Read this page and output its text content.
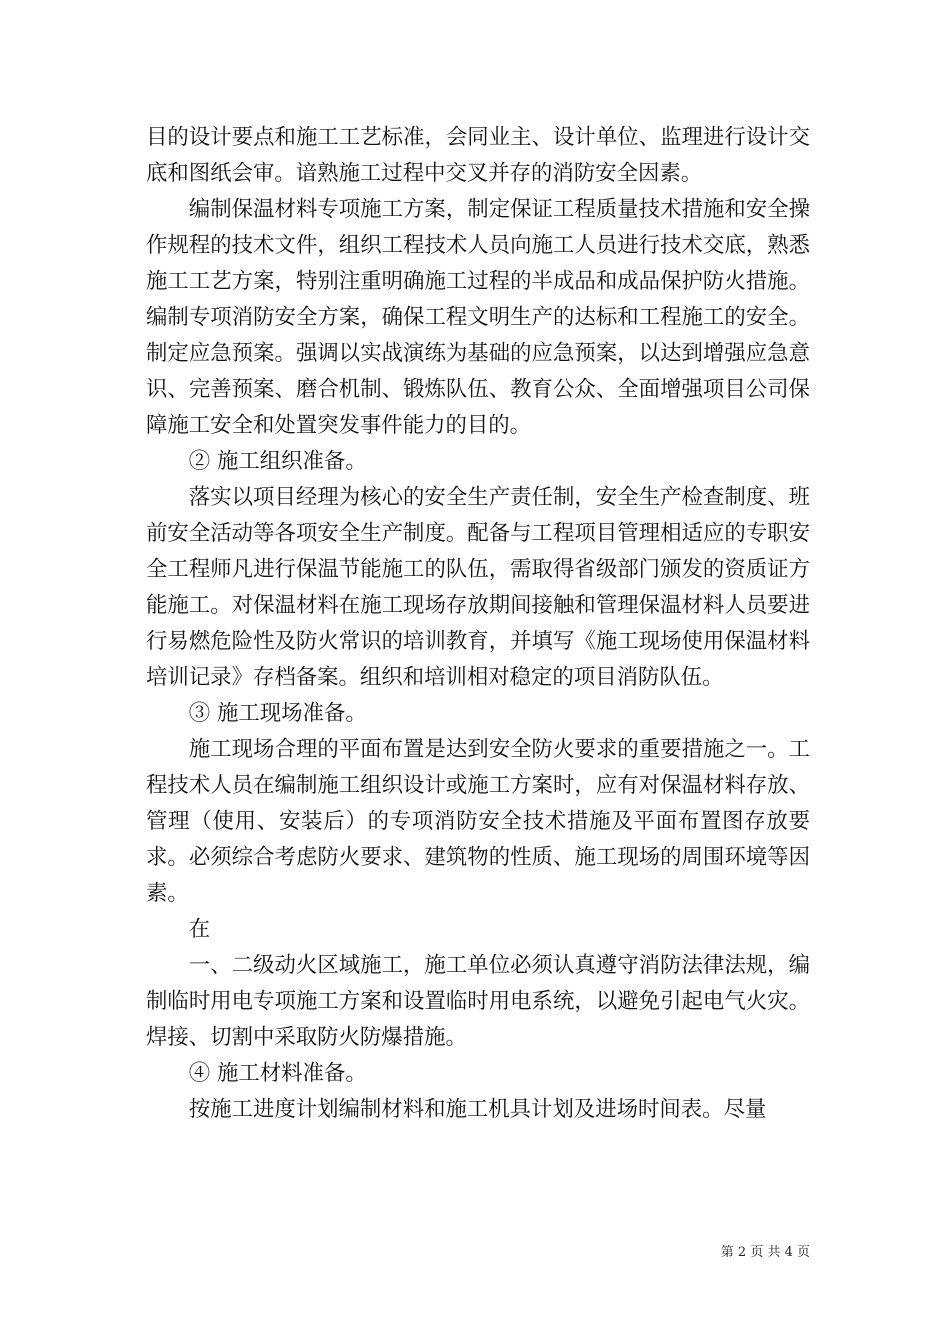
目的设计要点和施工工艺标准，会同业主、设计单位、监理进行设计交底和图纸会审。谙熟施工过程中交叉并存的消防安全因素。

编制保温材料专项施工方案，制定保证工程质量技术措施和安全操作规程的技术文件，组织工程技术人员向施工人员进行技术交底，熟悉施工工艺方案，特别注重明确施工过程的半成品和成品保护防火措施。编制专项消防安全方案，确保工程文明生产的达标和工程施工的安全。制定应急预案。强调以实战演练为基础的应急预案，以达到增强应急意识、完善预案、磨合机制、锻炼队伍、教育公众、全面增强项目公司保障施工安全和处置突发事件能力的目的。

② 施工组织准备。

落实以项目经理为核心的安全生产责任制，安全生产检查制度、班前安全活动等各项安全生产制度。配备与工程项目管理相适应的专职安全工程师凡进行保温节能施工的队伍，需取得省级部门颁发的资质证方能施工。对保温材料在施工现场存放期间接触和管理保温材料人员要进行易燃危险性及防火常识的培训教育，并填写《施工现场使用保温材料培训记录》存档备案。组织和培训相对稳定的项目消防队伍。

③ 施工现场准备。

施工现场合理的平面布置是达到安全防火要求的重要措施之一。工程技术人员在编制施工组织设计或施工方案时，应有对保温材料存放、管理（使用、安装后）的专项消防安全技术措施及平面布置图存放要求。必须综合考虑防火要求、建筑物的性质、施工现场的周围环境等因素。

在

一、二级动火区域施工，施工单位必须认真遵守消防法律法规，编制临时用电专项施工方案和设置临时用电系统，以避免引起电气火灾。焊接、切割中采取防火防爆措施。

④ 施工材料准备。

按施工进度计划编制材料和施工机具计划及进场时间表。尽量

第 2 页 共 4 页
